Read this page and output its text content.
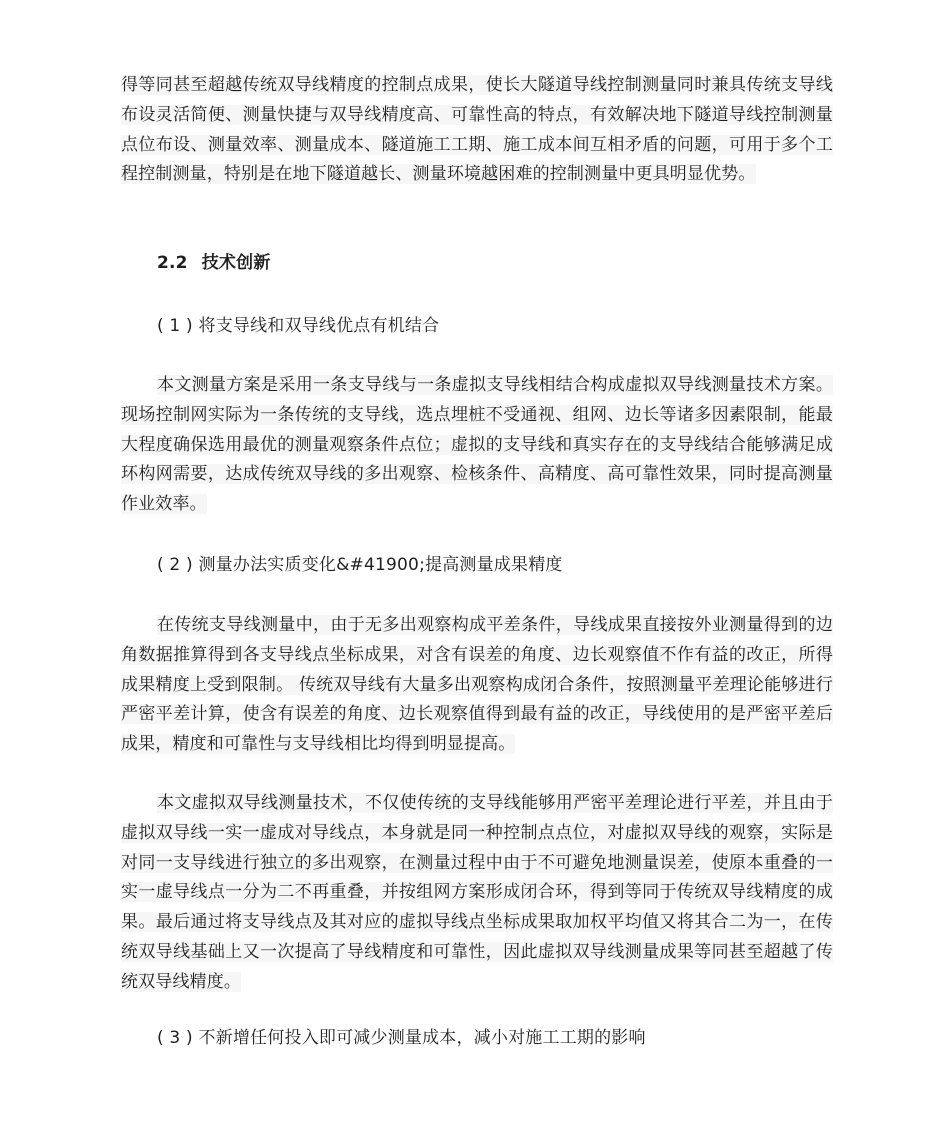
得等同甚至超越传统双导线精度的控制点成果，使长大隧道导线控制测量同时兼具传统支导线布设灵活简便、测量快捷与双导线精度高、可靠性高的特点，有效解决地下隧道导线控制测量点位布设、测量效率、测量成本、隧道施工工期、施工成本间互相矛盾的问题，可用于多个工程控制测量，特别是在地下隧道越长、测量环境越困难的控制测量中更具明显优势。

2.2 技术创新

( 1 ) 将支导线和双导线优点有机结合

本文测量方案是采用一条支导线与一条虚拟支导线相结合构成虚拟双导线测量技术方案。现场控制网实际为一条传统的支导线，选点埋桩不受通视、组网、边长等诸多因素限制，能最大程度确保选用最优的测量观察条件点位；虚拟的支导线和真实存在的支导线结合能够满足成环构网需要，达成传统双导线的多出观察、检核条件、高精度、高可靠性效果，同时提高测量作业效率。

( 2 ) 测量办法实质变化&#41900;提高测量成果精度

在传统支导线测量中，由于无多出观察构成平差条件，导线成果直接按外业测量得到的边角数据推算得到各支导线点坐标成果，对含有误差的角度、边长观察值不作有益的改正，所得成果精度上受到限制。 传统双导线有大量多出观察构成闭合条件，按照测量平差理论能够进行严密平差计算，使含有误差的角度、边长观察值得到最有益的改正，导线使用的是严密平差后成果，精度和可靠性与支导线相比均得到明显提高。

本文虚拟双导线测量技术，不仅使传统的支导线能够用严密平差理论进行平差，并且由于虚拟双导线一实一虚成对导线点，本身就是同一种控制点点位，对虚拟双导线的观察，实际是对同一支导线进行独立的多出观察，在测量过程中由于不可避免地测量误差，使原本重叠的一实一虚导线点一分为二不再重叠，并按组网方案形成闭合环，得到等同于传统双导线精度的成果。最后通过将支导线点及其对应的虚拟导线点坐标成果取加权平均值又将其合二为一，在传统双导线基础上又一次提高了导线精度和可靠性，因此虚拟双导线测量成果等同甚至超越了传统双导线精度。

( 3 ) 不新增任何投入即可减少测量成本，减小对施工工期的影响
